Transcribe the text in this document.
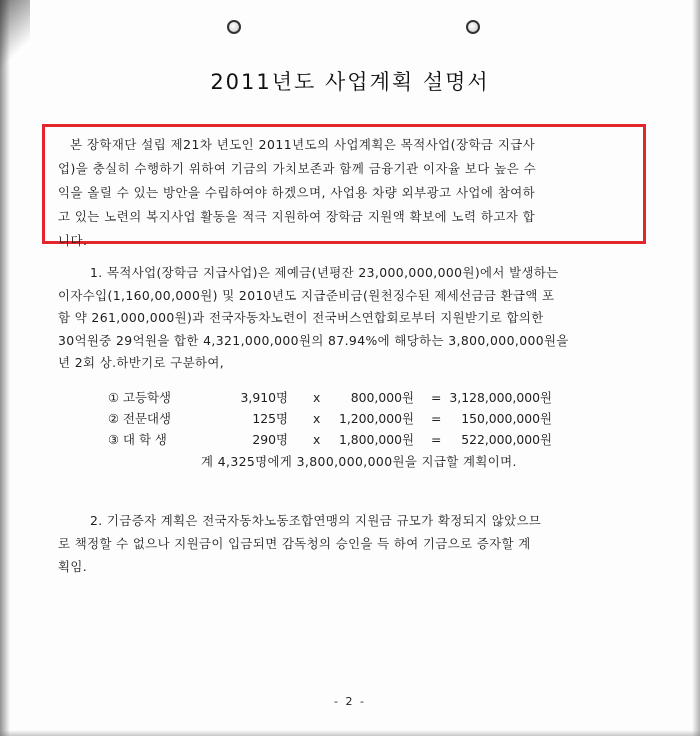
2011년도 사업계획 설명서
본 장학재단 설립 제21차 년도인 2011년도의 사업계획은 목적사업(장학금 지급사
업)을 충실히 수행하기 위하여 기금의 가치보존과 함께 금융기관 이자율 보다 높은 수
익을 올릴 수 있는 방안을 수립하여야 하겠으며, 사업용 차량 외부광고 사업에 참여하
고 있는 노련의 복지사업 활동을 적극 지원하여 장학금 지원액 확보에 노력 하고자 합
니다.
1. 목적사업(장학금 지급사업)은 제예금(년평잔 23,000,000,000원)에서 발생하는
이자수입(1,160,00,000원) 및 2010년도 지급준비금(원천징수된 제세선금금 환급액 포
함 약 261,000,000원)과 전국자동차노련이 전국버스연합회로부터 지원받기로 합의한
30억원중 29억원을 합한 4,321,000,000원의 87.94%에 해당하는 3,800,000,000원을
년 2회 상.하반기로 구분하여,
① 고등학생	3,910명 x	800,000원 = 3,128,000,000원
② 전문대생	125명 x	1,200,000원 =	150,000,000원
③ 대 학 생	290명 x	1,800,000원 =	522,000,000원
계 4,325명에게 3,800,000,000원을 지급할 계획이며.
2. 기금증자 계획은 전국자동차노동조합연맹의 지원금 규모가 확정되지 않았으므
로 책정할 수 없으나 지원금이 입금되면 감독청의 승인을 득 하여 기금으로 증자할 계
획임.
- 2 -
